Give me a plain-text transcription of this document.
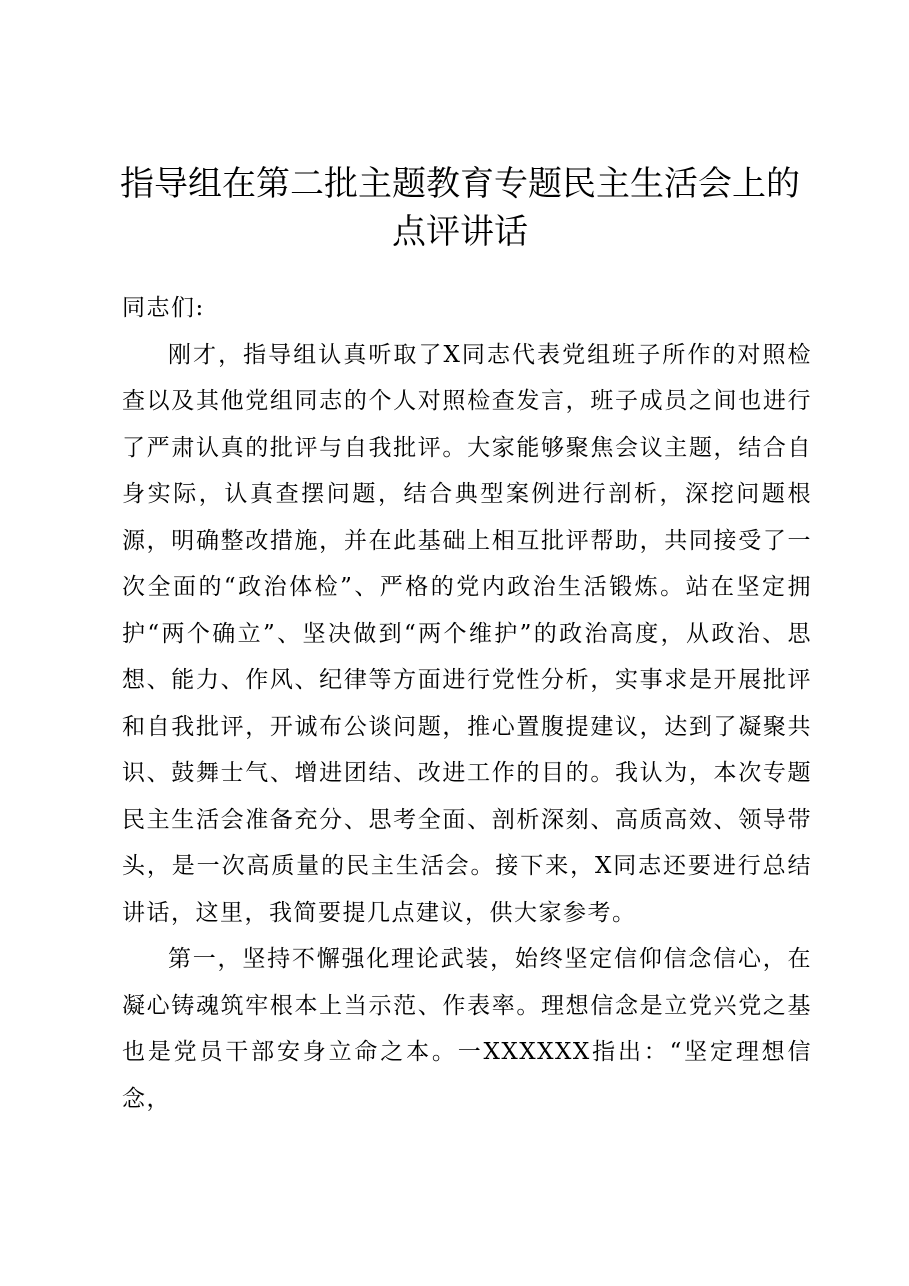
指导组在第二批主题教育专题民主生活会上的点评讲话

同志们:

刚才，指导组认真听取了X同志代表党组班子所作的对照检查以及其他党组同志的个人对照检查发言，班子成员之间也进行了严肃认真的批评与自我批评。大家能够聚焦会议主题，结合自身实际，认真查摆问题，结合典型案例进行剖析，深挖问题根源，明确整改措施，并在此基础上相互批评帮助，共同接受了一次全面的“政治体检”、严格的党内政治生活锻炼。站在坚定拥护“两个确立”、坚决做到“两个维护”的政治高度，从政治、思想、能力、作风、纪律等方面进行党性分析，实事求是开展批评和自我批评，开诚布公谈问题，推心置腹提建议，达到了凝聚共识、鼓舞士气、增进团结、改进工作的目的。我认为，本次专题民主生活会准备充分、思考全面、剖析深刻、高质高效、领导带头，是一次高质量的民主生活会。接下来，X同志还要进行总结讲话，这里，我简要提几点建议，供大家参考。

第一，坚持不懈强化理论武装，始终坚定信仰信念信心，在凝心铸魂筑牢根本上当示范、作表率。理想信念是立党兴党之基也是党员干部安身立命之本。一XXXXXX指出：“坚定理想信念，
